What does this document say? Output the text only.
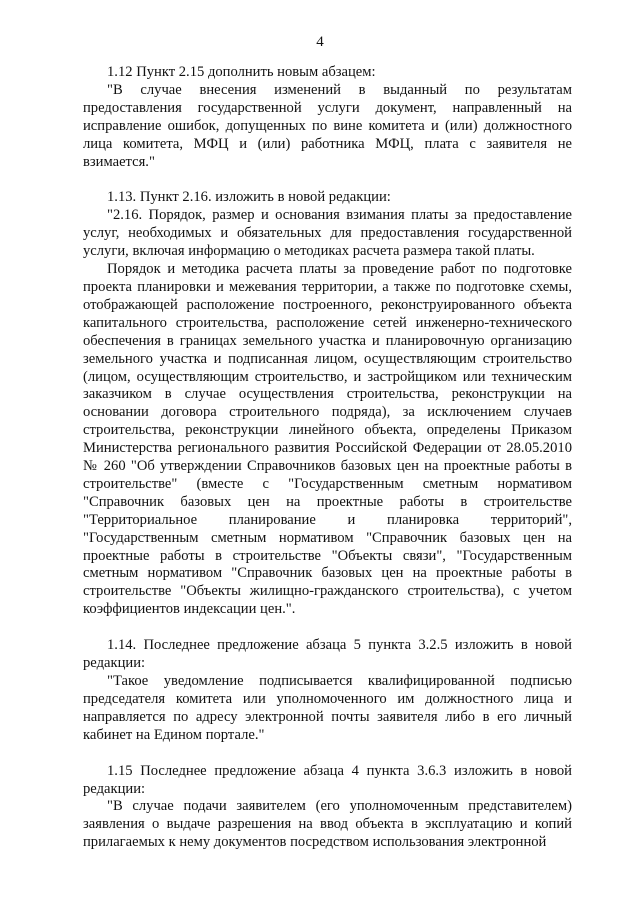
4

1.12 Пункт 2.15 дополнить новым абзацем:

"В случае внесения изменений в выданный по результатам предоставления государственной услуги документ, направленный на исправление ошибок, допущенных по вине комитета и (или) должностного лица комитета, МФЦ и (или) работника МФЦ, плата с заявителя не взимается."

1.13. Пункт 2.16. изложить в новой редакции:

"2.16. Порядок, размер и основания взимания платы за предоставление услуг, необходимых и обязательных для предоставления государственной услуги, включая информацию о методиках расчета размера такой платы.

Порядок и методика расчета платы за проведение работ по подготовке проекта планировки и межевания территории, а также по подготовке схемы, отображающей расположение построенного, реконструированного объекта капитального строительства, расположение сетей инженерно-технического обеспечения в границах земельного участка и планировочную организацию земельного участка и подписанная лицом, осуществляющим строительство (лицом, осуществляющим строительство, и застройщиком или техническим заказчиком в случае осуществления строительства, реконструкции на основании договора строительного подряда), за исключением случаев строительства, реконструкции линейного объекта, определены Приказом Министерства регионального развития Российской Федерации от 28.05.2010 № 260 "Об утверждении Справочников базовых цен на проектные работы в строительстве" (вместе с "Государственным сметным нормативом "Справочник базовых цен на проектные работы в строительстве "Территориальное планирование и планировка территорий", "Государственным сметным нормативом "Справочник базовых цен на проектные работы в строительстве "Объекты связи", "Государственным сметным нормативом "Справочник базовых цен на проектные работы в строительстве "Объекты жилищно-гражданского строительства), с учетом коэффициентов индексации цен.".

1.14. Последнее предложение абзаца 5 пункта 3.2.5 изложить в новой редакции:

"Такое уведомление подписывается квалифицированной подписью председателя комитета или уполномоченного им должностного лица и направляется по адресу электронной почты заявителя либо в его личный кабинет на Едином портале."

1.15 Последнее предложение абзаца 4 пункта 3.6.3 изложить в новой редакции:

"В случае подачи заявителем (его уполномоченным представителем) заявления о выдаче разрешения на ввод объекта в эксплуатацию и копий прилагаемых к нему документов посредством использования электронной
